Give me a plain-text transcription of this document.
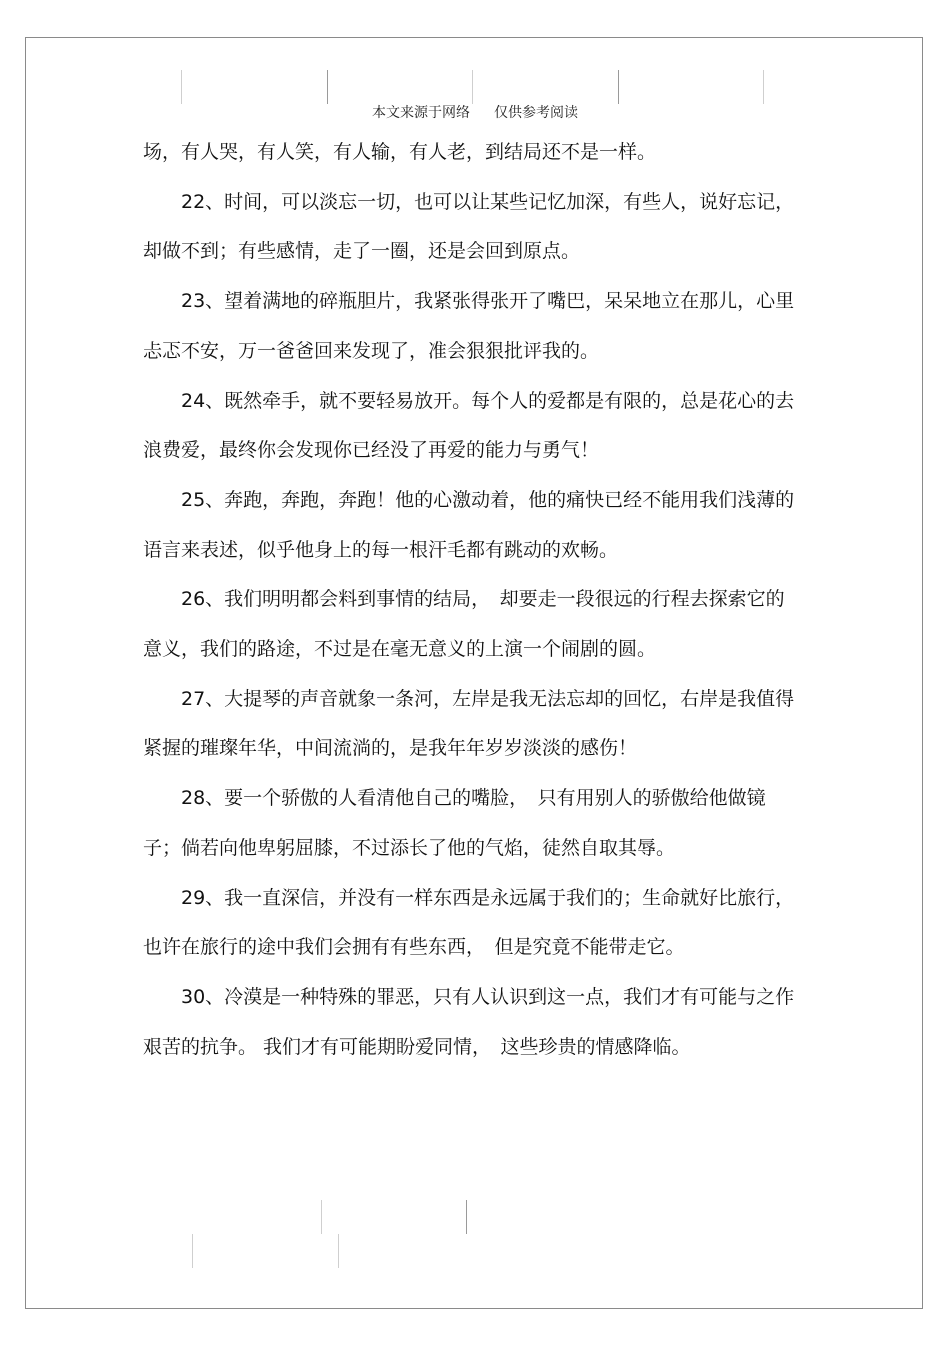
本文来源于网络 仅供参考阅读

场，有人哭，有人笑，有人输，有人老，到结局还不是一样。

22、时间，可以淡忘一切，也可以让某些记忆加深，有些人，说好忘记，却做不到；有些感情，走了一圈，还是会回到原点。

23、望着满地的碎瓶胆片，我紧张得张开了嘴巴，呆呆地立在那儿，心里忐忑不安，万一爸爸回来发现了，准会狠狠批评我的。

24、既然牵手，就不要轻易放开。每个人的爱都是有限的，总是花心的去浪费爱，最终你会发现你已经没了再爱的能力与勇气！

25、奔跑，奔跑，奔跑！他的心激动着，他的痛快已经不能用我们浅薄的语言来表述，似乎他身上的每一根汗毛都有跳动的欢畅。

26、我们明明都会料到事情的结局，　却要走一段很远的行程去探索它的意义，我们的路途，不过是在毫无意义的上演一个闹剧的圆。

27、大提琴的声音就象一条河，左岸是我无法忘却的回忆，右岸是我值得紧握的璀璨年华，中间流淌的，是我年年岁岁淡淡的感伤！

28、要一个骄傲的人看清他自己的嘴脸，　只有用别人的骄傲给他做镜子；倘若向他卑躬屈膝，不过添长了他的气焰，徒然自取其辱。

29、我一直深信，并没有一样东西是永远属于我们的；生命就好比旅行，也许在旅行的途中我们会拥有有些东西，　但是究竟不能带走它。

30、冷漠是一种特殊的罪恶，只有人认识到这一点，我们才有可能与之作艰苦的抗争。 我们才有可能期盼爱同情，　这些珍贵的情感降临。
